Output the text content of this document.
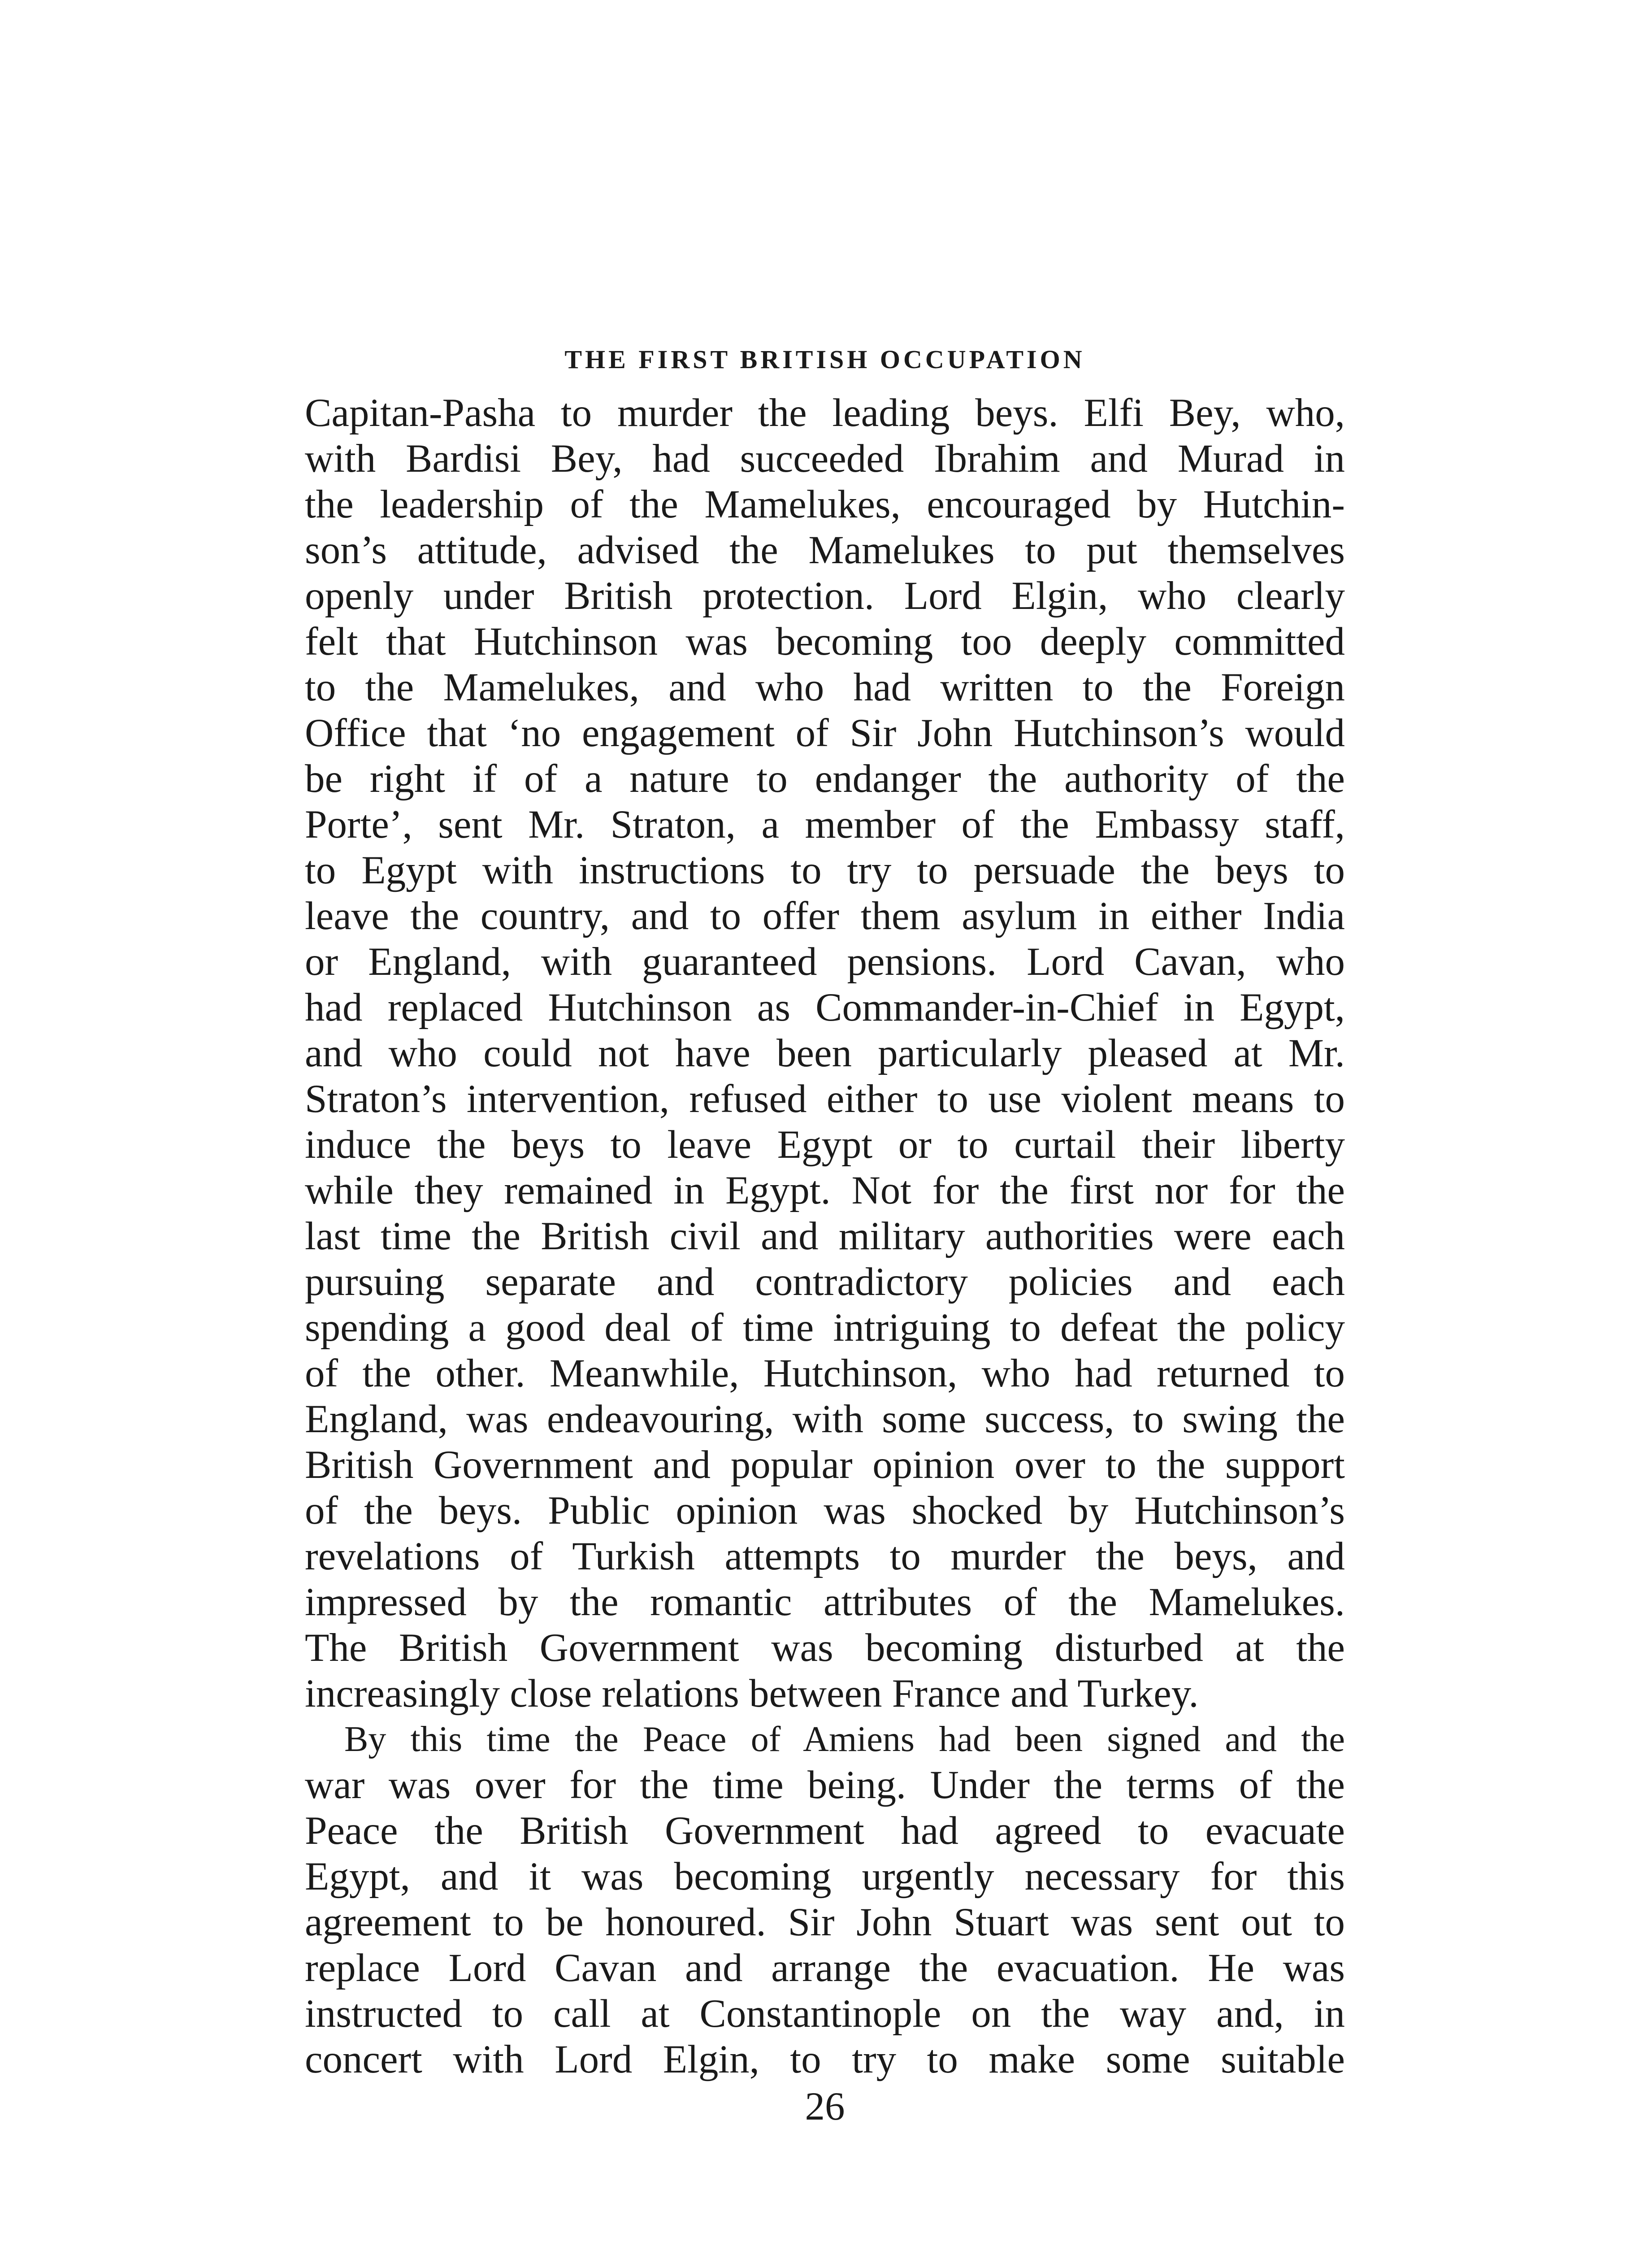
THE FIRST BRITISH OCCUPATION
Capitan-Pasha to murder the leading beys. Elfi Bey, who,
with Bardisi Bey, had succeeded Ibrahim and Murad in
the leadership of the Mamelukes, encouraged by Hutchin-
son’s attitude, advised the Mamelukes to put themselves
openly under British protection. Lord Elgin, who clearly
felt that Hutchinson was becoming too deeply committed
to the Mamelukes, and who had written to the Foreign
Office that ‘no engagement of Sir John Hutchinson’s would
be right if of a nature to endanger the authority of the
Porte’, sent Mr. Straton, a member of the Embassy staff,
to Egypt with instructions to try to persuade the beys to
leave the country, and to offer them asylum in either India
or England, with guaranteed pensions. Lord Cavan, who
had replaced Hutchinson as Commander-in-Chief in Egypt,
and who could not have been particularly pleased at Mr.
Straton’s intervention, refused either to use violent means to
induce the beys to leave Egypt or to curtail their liberty
while they remained in Egypt. Not for the first nor for the
last time the British civil and military authorities were each
pursuing separate and contradictory policies and each
spending a good deal of time intriguing to defeat the policy
of the other. Meanwhile, Hutchinson, who had returned to
England, was endeavouring, with some success, to swing the
British Government and popular opinion over to the support
of the beys. Public opinion was shocked by Hutchinson’s
revelations of Turkish attempts to murder the beys, and
impressed by the romantic attributes of the Mamelukes.
The British Government was becoming disturbed at the
increasingly close relations between France and Turkey.
By this time the Peace of Amiens had been signed and the
war was over for the time being. Under the terms of the
Peace the British Government had agreed to evacuate
Egypt, and it was becoming urgently necessary for this
agreement to be honoured. Sir John Stuart was sent out to
replace Lord Cavan and arrange the evacuation. He was
instructed to call at Constantinople on the way and, in
concert with Lord Elgin, to try to make some suitable
26
